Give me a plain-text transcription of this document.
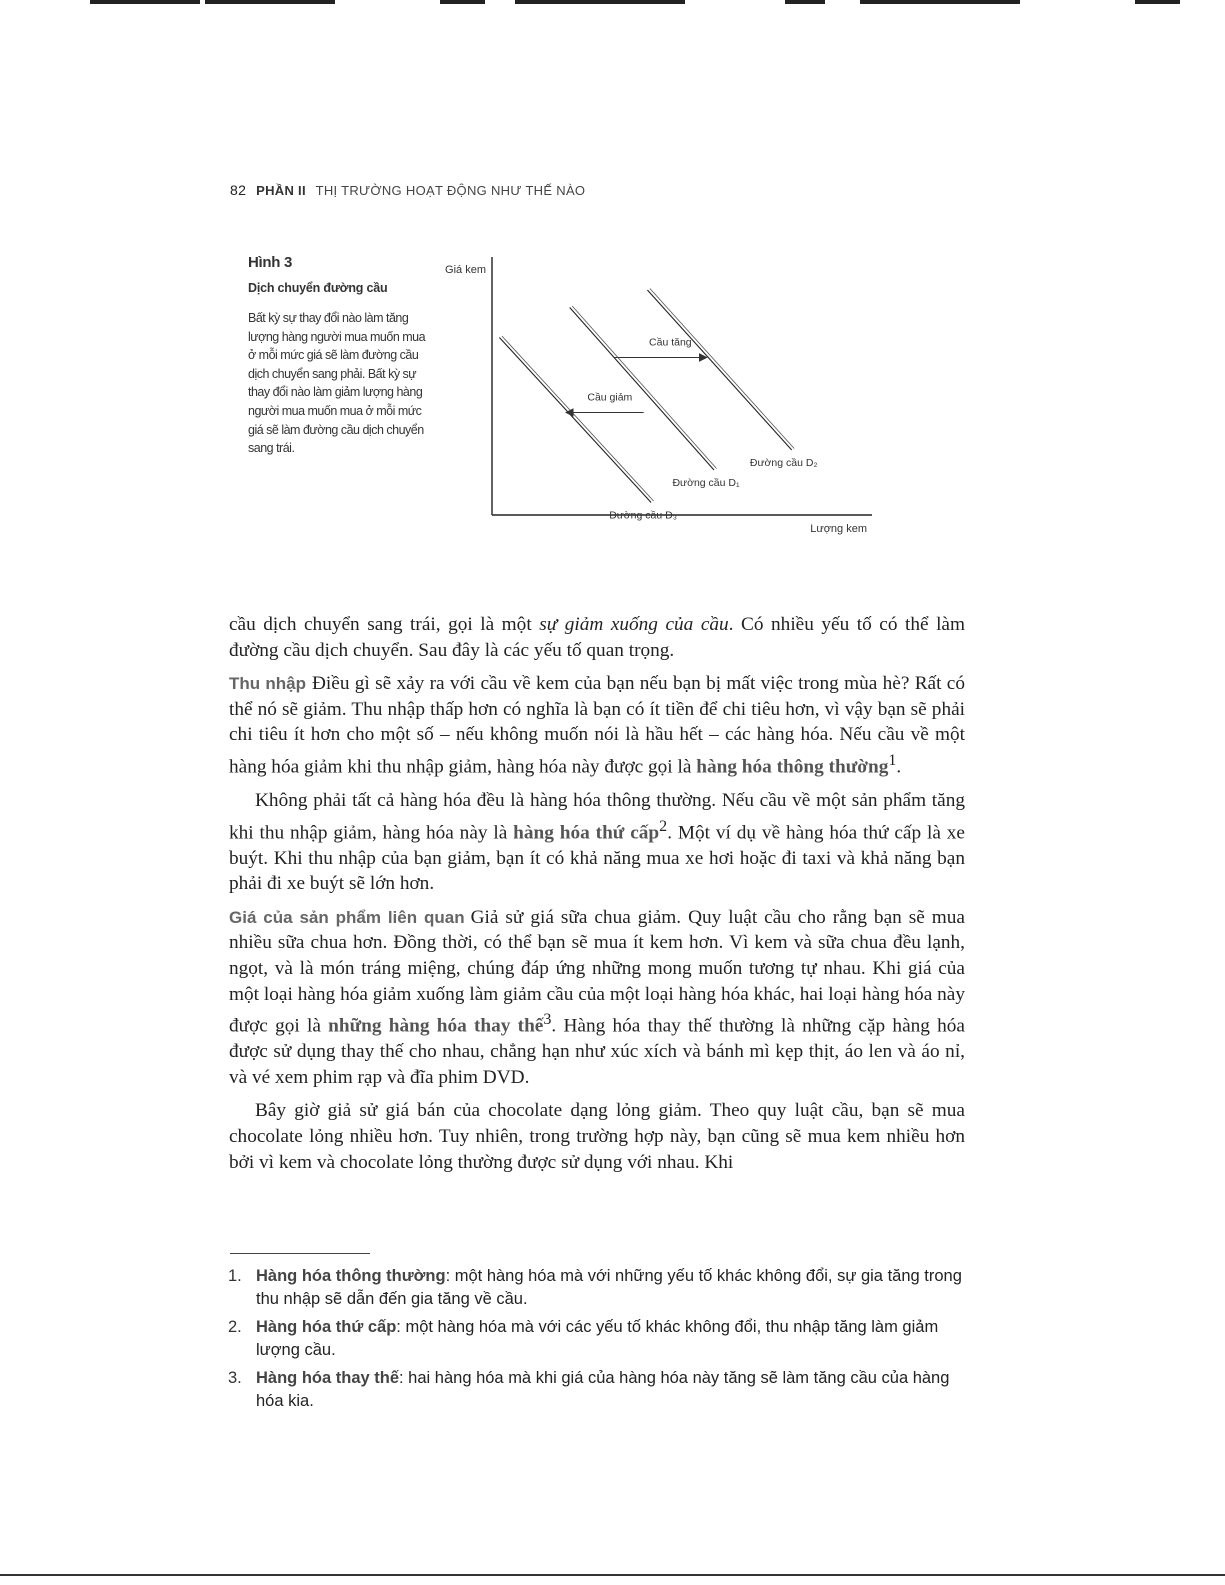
82 PHẦN II THỊ TRƯỜNG HOẠT ĐỘNG NHƯ THẾ NÀO
Hình 3
Dịch chuyển đường cầu
Bất kỳ sự thay đổi nào làm tăng lượng hàng người mua muốn mua ở mỗi mức giá sẽ làm đường cầu dịch chuyển sang phải. Bất kỳ sự thay đổi nào làm giảm lượng hàng người mua muốn mua ở mỗi mức giá sẽ làm đường cầu dịch chuyển sang trái.
Giá kem
Lượng kem
Đường cầu D₃
Đường cầu D₁
Đường cầu D₂
Cầu tăng
Cầu giảm

cầu dịch chuyển sang trái, gọi là một sự giảm xuống của cầu. Có nhiều yếu tố có thể làm đường cầu dịch chuyển. Sau đây là các yếu tố quan trọng.

Thu nhập Điều gì sẽ xảy ra với cầu về kem của bạn nếu bạn bị mất việc trong mùa hè? Rất có thể nó sẽ giảm. Thu nhập thấp hơn có nghĩa là bạn có ít tiền để chi tiêu hơn, vì vậy bạn sẽ phải chi tiêu ít hơn cho một số – nếu không muốn nói là hầu hết – các hàng hóa. Nếu cầu về một hàng hóa giảm khi thu nhập giảm, hàng hóa này được gọi là hàng hóa thông thường$^1$.

Không phải tất cả hàng hóa đều là hàng hóa thông thường. Nếu cầu về một sản phẩm tăng khi thu nhập giảm, hàng hóa này là hàng hóa thứ cấp$^2$. Một ví dụ về hàng hóa thứ cấp là xe buýt. Khi thu nhập của bạn giảm, bạn ít có khả năng mua xe hơi hoặc đi taxi và khả năng bạn phải đi xe buýt sẽ lớn hơn.

Giá của sản phẩm liên quan Giả sử giá sữa chua giảm. Quy luật cầu cho rằng bạn sẽ mua nhiều sữa chua hơn. Đồng thời, có thể bạn sẽ mua ít kem hơn. Vì kem và sữa chua đều lạnh, ngọt, và là món tráng miệng, chúng đáp ứng những mong muốn tương tự nhau. Khi giá của một loại hàng hóa giảm xuống làm giảm cầu của một loại hàng hóa khác, hai loại hàng hóa này được gọi là những hàng hóa thay thế$^3$. Hàng hóa thay thế thường là những cặp hàng hóa được sử dụng thay thế cho nhau, chẳng hạn như xúc xích và bánh mì kẹp thịt, áo len và áo nỉ, và vé xem phim rạp và đĩa phim DVD.

Bây giờ giả sử giá bán của chocolate dạng lỏng giảm. Theo quy luật cầu, bạn sẽ mua chocolate lỏng nhiều hơn. Tuy nhiên, trong trường hợp này, bạn cũng sẽ mua kem nhiều hơn bởi vì kem và chocolate lỏng thường được sử dụng với nhau. Khi

1. Hàng hóa thông thường: một hàng hóa mà với những yếu tố khác không đổi, sự gia tăng trong thu nhập sẽ dẫn đến gia tăng về cầu.
2. Hàng hóa thứ cấp: một hàng hóa mà với các yếu tố khác không đổi, thu nhập tăng làm giảm lượng cầu.
3. Hàng hóa thay thế: hai hàng hóa mà khi giá của hàng hóa này tăng sẽ làm tăng cầu của hàng hóa kia.
